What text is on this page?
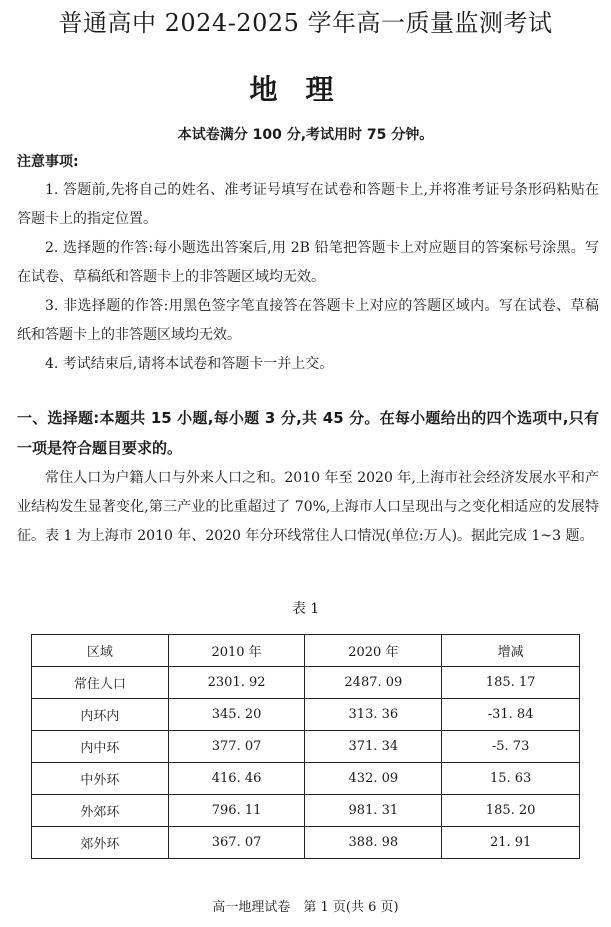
普通高中 2024-2025 学年高一质量监测考试
地理
本试卷满分 100 分,考试用时 75 分钟。
注意事项:
1. 答题前,先将自己的姓名、准考证号填写在试卷和答题卡上,并将准考证号条形码粘贴在答题卡上的指定位置。
2. 选择题的作答:每小题选出答案后,用 2B 铅笔把答题卡上对应题目的答案标号涂黑。写在试卷、草稿纸和答题卡上的非答题区域均无效。
3. 非选择题的作答:用黑色签字笔直接答在答题卡上对应的答题区域内。写在试卷、草稿纸和答题卡上的非答题区域均无效。
4. 考试结束后,请将本试卷和答题卡一并上交。
一、选择题:本题共 15 小题,每小题 3 分,共 45 分。在每小题给出的四个选项中,只有一项是符合题目要求的。
常住人口为户籍人口与外来人口之和。2010 年至 2020 年,上海市社会经济发展水平和产业结构发生显著变化,第三产业的比重超过了 70%,上海市人口呈现出与之变化相适应的发展特征。表 1 为上海市 2010 年、2020 年分环线常住人口情况(单位:万人)。据此完成 1~3 题。
表 1
区域	2010 年	2020 年	增减
常住人口	2301. 92	2487. 09	185. 17
内环内	345. 20	313. 36	-31. 84
内中环	377. 07	371. 34	-5. 73
中外环	416. 46	432. 09	15. 63
外郊环	796. 11	981. 31	185. 20
郊外环	367. 07	388. 98	21. 91
高一地理试卷　第 1 页(共 6 页)
